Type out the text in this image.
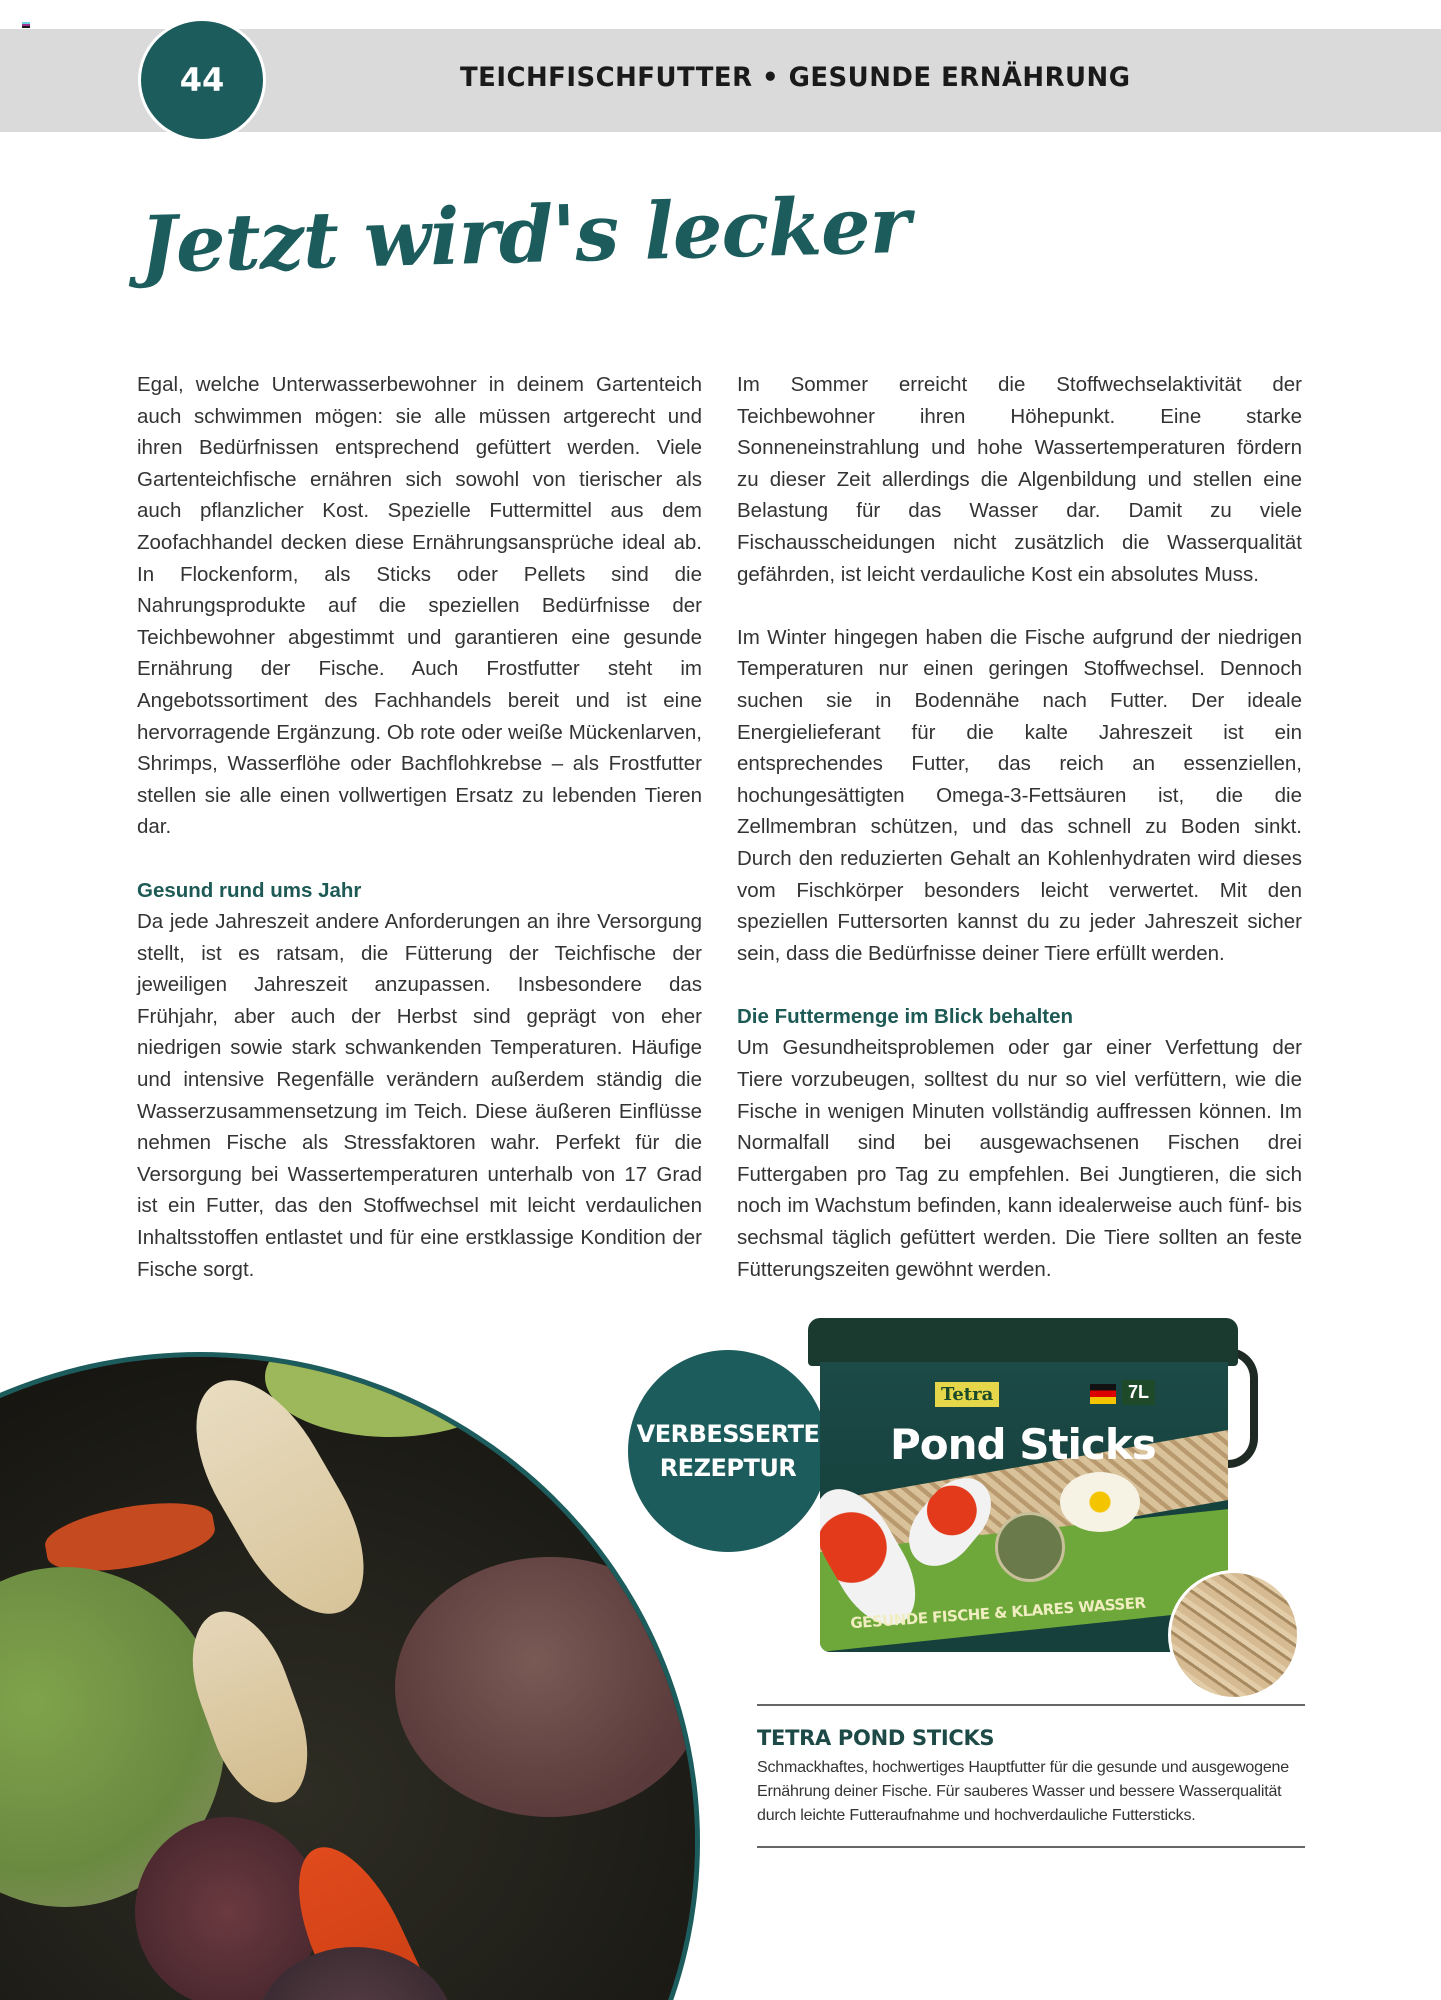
44	TEICHFISCHFUTTER • GESUNDE ERNÄHRUNG
Jetzt wird's lecker

Egal, welche Unterwasserbewohner in deinem Gartenteich auch schwimmen mögen: sie alle müssen artgerecht und ihren Bedürfnissen entsprechend gefüttert werden. Viele Gartenteichfische ernähren sich sowohl von tierischer als auch pflanzlicher Kost. Spezielle Futtermittel aus dem Zoofachhandel decken diese Ernährungsansprüche ideal ab. In Flockenform, als Sticks oder Pellets sind die Nahrungsprodukte auf die speziellen Bedürfnisse der Teichbewohner abgestimmt und garantieren eine gesunde Ernährung der Fische. Auch Frostfutter steht im Angebotssortiment des Fachhandels bereit und ist eine hervorragende Ergänzung. Ob rote oder weiße Mückenlarven, Shrimps, Wasserflöhe oder Bachflohkrebse – als Frostfutter stellen sie alle einen vollwertigen Ersatz zu lebenden Tieren dar.

Gesund rund ums Jahr

Da jede Jahreszeit andere Anforderungen an ihre Versorgung stellt, ist es ratsam, die Fütterung der Teichfische der jeweiligen Jahreszeit anzupassen. Insbesondere das Frühjahr, aber auch der Herbst sind geprägt von eher niedrigen sowie stark schwankenden Temperaturen. Häufige und intensive Regenfälle verändern außerdem ständig die Wasserzusammensetzung im Teich. Diese äußeren Einflüsse nehmen Fische als Stressfaktoren wahr. Perfekt für die Versorgung bei Wassertemperaturen unterhalb von 17 Grad ist ein Futter, das den Stoffwechsel mit leicht verdaulichen Inhaltsstoffen entlastet und für eine erstklassige Kondition der Fische sorgt.

Im Sommer erreicht die Stoffwechselaktivität der Teichbewohner ihren Höhepunkt. Eine starke Sonneneinstrahlung und hohe Wassertemperaturen fördern zu dieser Zeit allerdings die Algenbildung und stellen eine Belastung für das Wasser dar. Damit zu viele Fischausscheidungen nicht zusätzlich die Wasserqualität gefährden, ist leicht verdauliche Kost ein absolutes Muss.

Im Winter hingegen haben die Fische aufgrund der niedrigen Temperaturen nur einen geringen Stoffwechsel. Dennoch suchen sie in Bodennähe nach Futter. Der ideale Energielieferant für die kalte Jahreszeit ist ein entsprechendes Futter, das reich an essenziellen, hochungesättigten Omega-3-Fettsäuren ist, die die Zellmembran schützen, und das schnell zu Boden sinkt. Durch den reduzierten Gehalt an Kohlenhydraten wird dieses vom Fischkörper besonders leicht verwertet. Mit den speziellen Futtersorten kannst du zu jeder Jahreszeit sicher sein, dass die Bedürfnisse deiner Tiere erfüllt werden.

Die Futtermenge im Blick behalten

Um Gesundheitsproblemen oder gar einer Verfettung der Tiere vorzubeugen, solltest du nur so viel verfüttern, wie die Fische in wenigen Minuten vollständig auffressen können. Im Normalfall sind bei ausgewachsenen Fischen drei Futtergaben pro Tag zu empfehlen. Bei Jungtieren, die sich noch im Wachstum befinden, kann idealerweise auch fünf- bis sechsmal täglich gefüttert werden. Die Tiere sollten an feste Fütterungszeiten gewöhnt werden.

VERBESSERTE
REZEPTUR
Tetra	7L
Pond Sticks
GESUNDE FISCHE & KLARES WASSER
TETRA POND STICKS
Schmackhaftes, hochwertiges Hauptfutter für die gesunde und ausgewogene Ernährung deiner Fische. Für sauberes Wasser und bessere Wasserqualität durch leichte Futteraufnahme und hochverdauliche Futtersticks.
